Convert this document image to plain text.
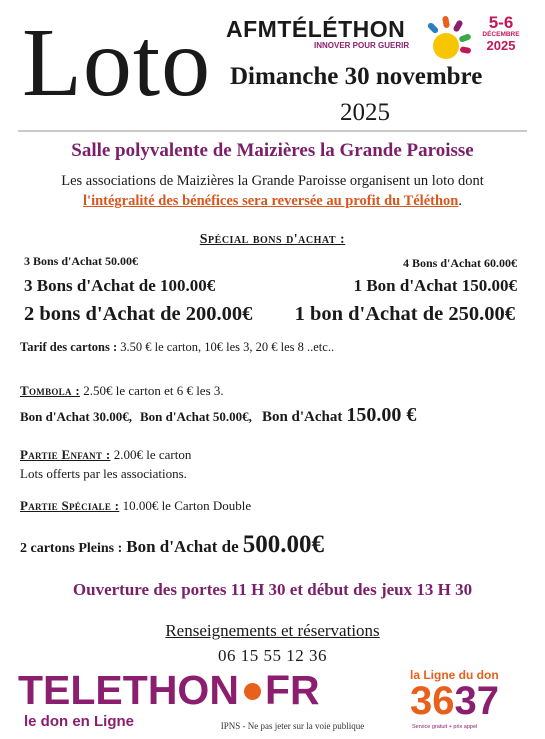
Loto AFMTÉLÉTHON
INNOVER POUR GUERIR
5-6
DÉCEMBRE
2025
Dimanche 30 novembre
2025
Salle polyvalente de Maizières la Grande Paroisse
Les associations de Maizières la Grande Paroisse organisent un loto dont
l'intégralité des bénéfices sera reversée au profit du Téléthon.
Spécial bons d'achat :
3 Bons d'Achat 50.00€	4 Bons d'Achat 60.00€
3 Bons d'Achat de 100.00€	1 Bon d'Achat 150.00€
2 bons d'Achat de 200.00€ 1 bon d'Achat de 250.00€
Tarif des cartons : 3.50 € le carton, 10€ les 3, 20 € les 8 ..etc..
Tombola : 2.50€ le carton et 6 € les 3.
Bon d'Achat 30.00€, Bon d'Achat 50.00€, Bon d'Achat 150.00 €
Partie Enfant : 2.00€ le carton
Lots offerts par les associations.
Partie Spéciale : 10.00€ le Carton Double
2 cartons Pleins : Bon d'Achat de 500.00€
Ouverture des portes 11 H 30 et début des jeux 13 H 30
Renseignements et réservations
06 15 55 12 36
TELETHON FR
le don en Ligne	IPNS - Ne pas jeter sur la voie publique
la Ligne du don
3637
Service gratuit + prix appel
